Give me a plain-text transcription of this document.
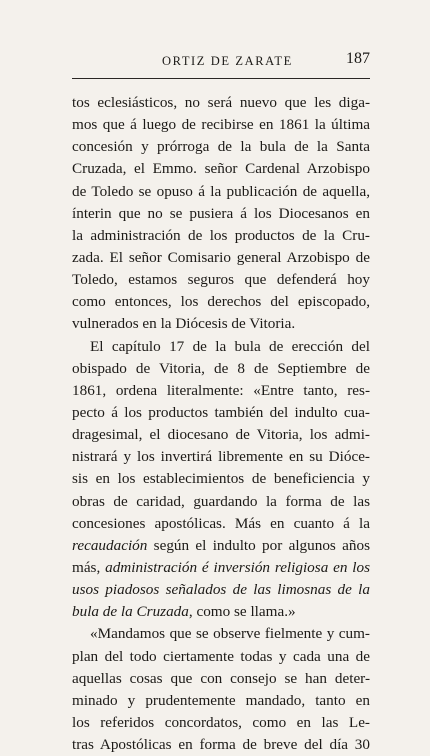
ORTIZ DE ZARATE	187
tos eclesiásticos, no será nuevo que les diga-
mos que á luego de recibirse en 1861 la última
concesión y prórroga de la bula de la Santa
Cruzada, el Emmo. señor Cardenal Arzobispo
de Toledo se opuso á la publicación de aquella,
ínterin que no se pusiera á los Diocesanos en
la administración de los productos de la Cru-
zada. El señor Comisario general Arzobispo de
Toledo, estamos seguros que defenderá hoy
como entonces, los derechos del episcopado,
vulnerados en la Diócesis de Vitoria.
El capítulo 17 de la bula de erección del
obispado de Vitoria, de 8 de Septiembre de
1861, ordena literalmente: «Entre tanto, res-
pecto á los productos también del indulto cua-
dragesimal, el diocesano de Vitoria, los admi-
nistrará y los invertirá libremente en su Dióce-
sis en los establecimientos de beneficiencia y
obras de caridad, guardando la forma de las
concesiones apostólicas. Más en cuanto á la
recaudación según el indulto por algunos años
más, administración é inversión religiosa en los
usos piadosos señalados de las limosnas de la
bula de la Cruzada, como se llama.»
«Mandamos que se observe fielmente y cum-
plan del todo ciertamente todas y cada una de
aquellas cosas que con consejo se han deter-
minado y prudentemente mandado, tanto en
los referidos concordatos, como en las Le-
tras Apostólicas en forma de breve del día 30
